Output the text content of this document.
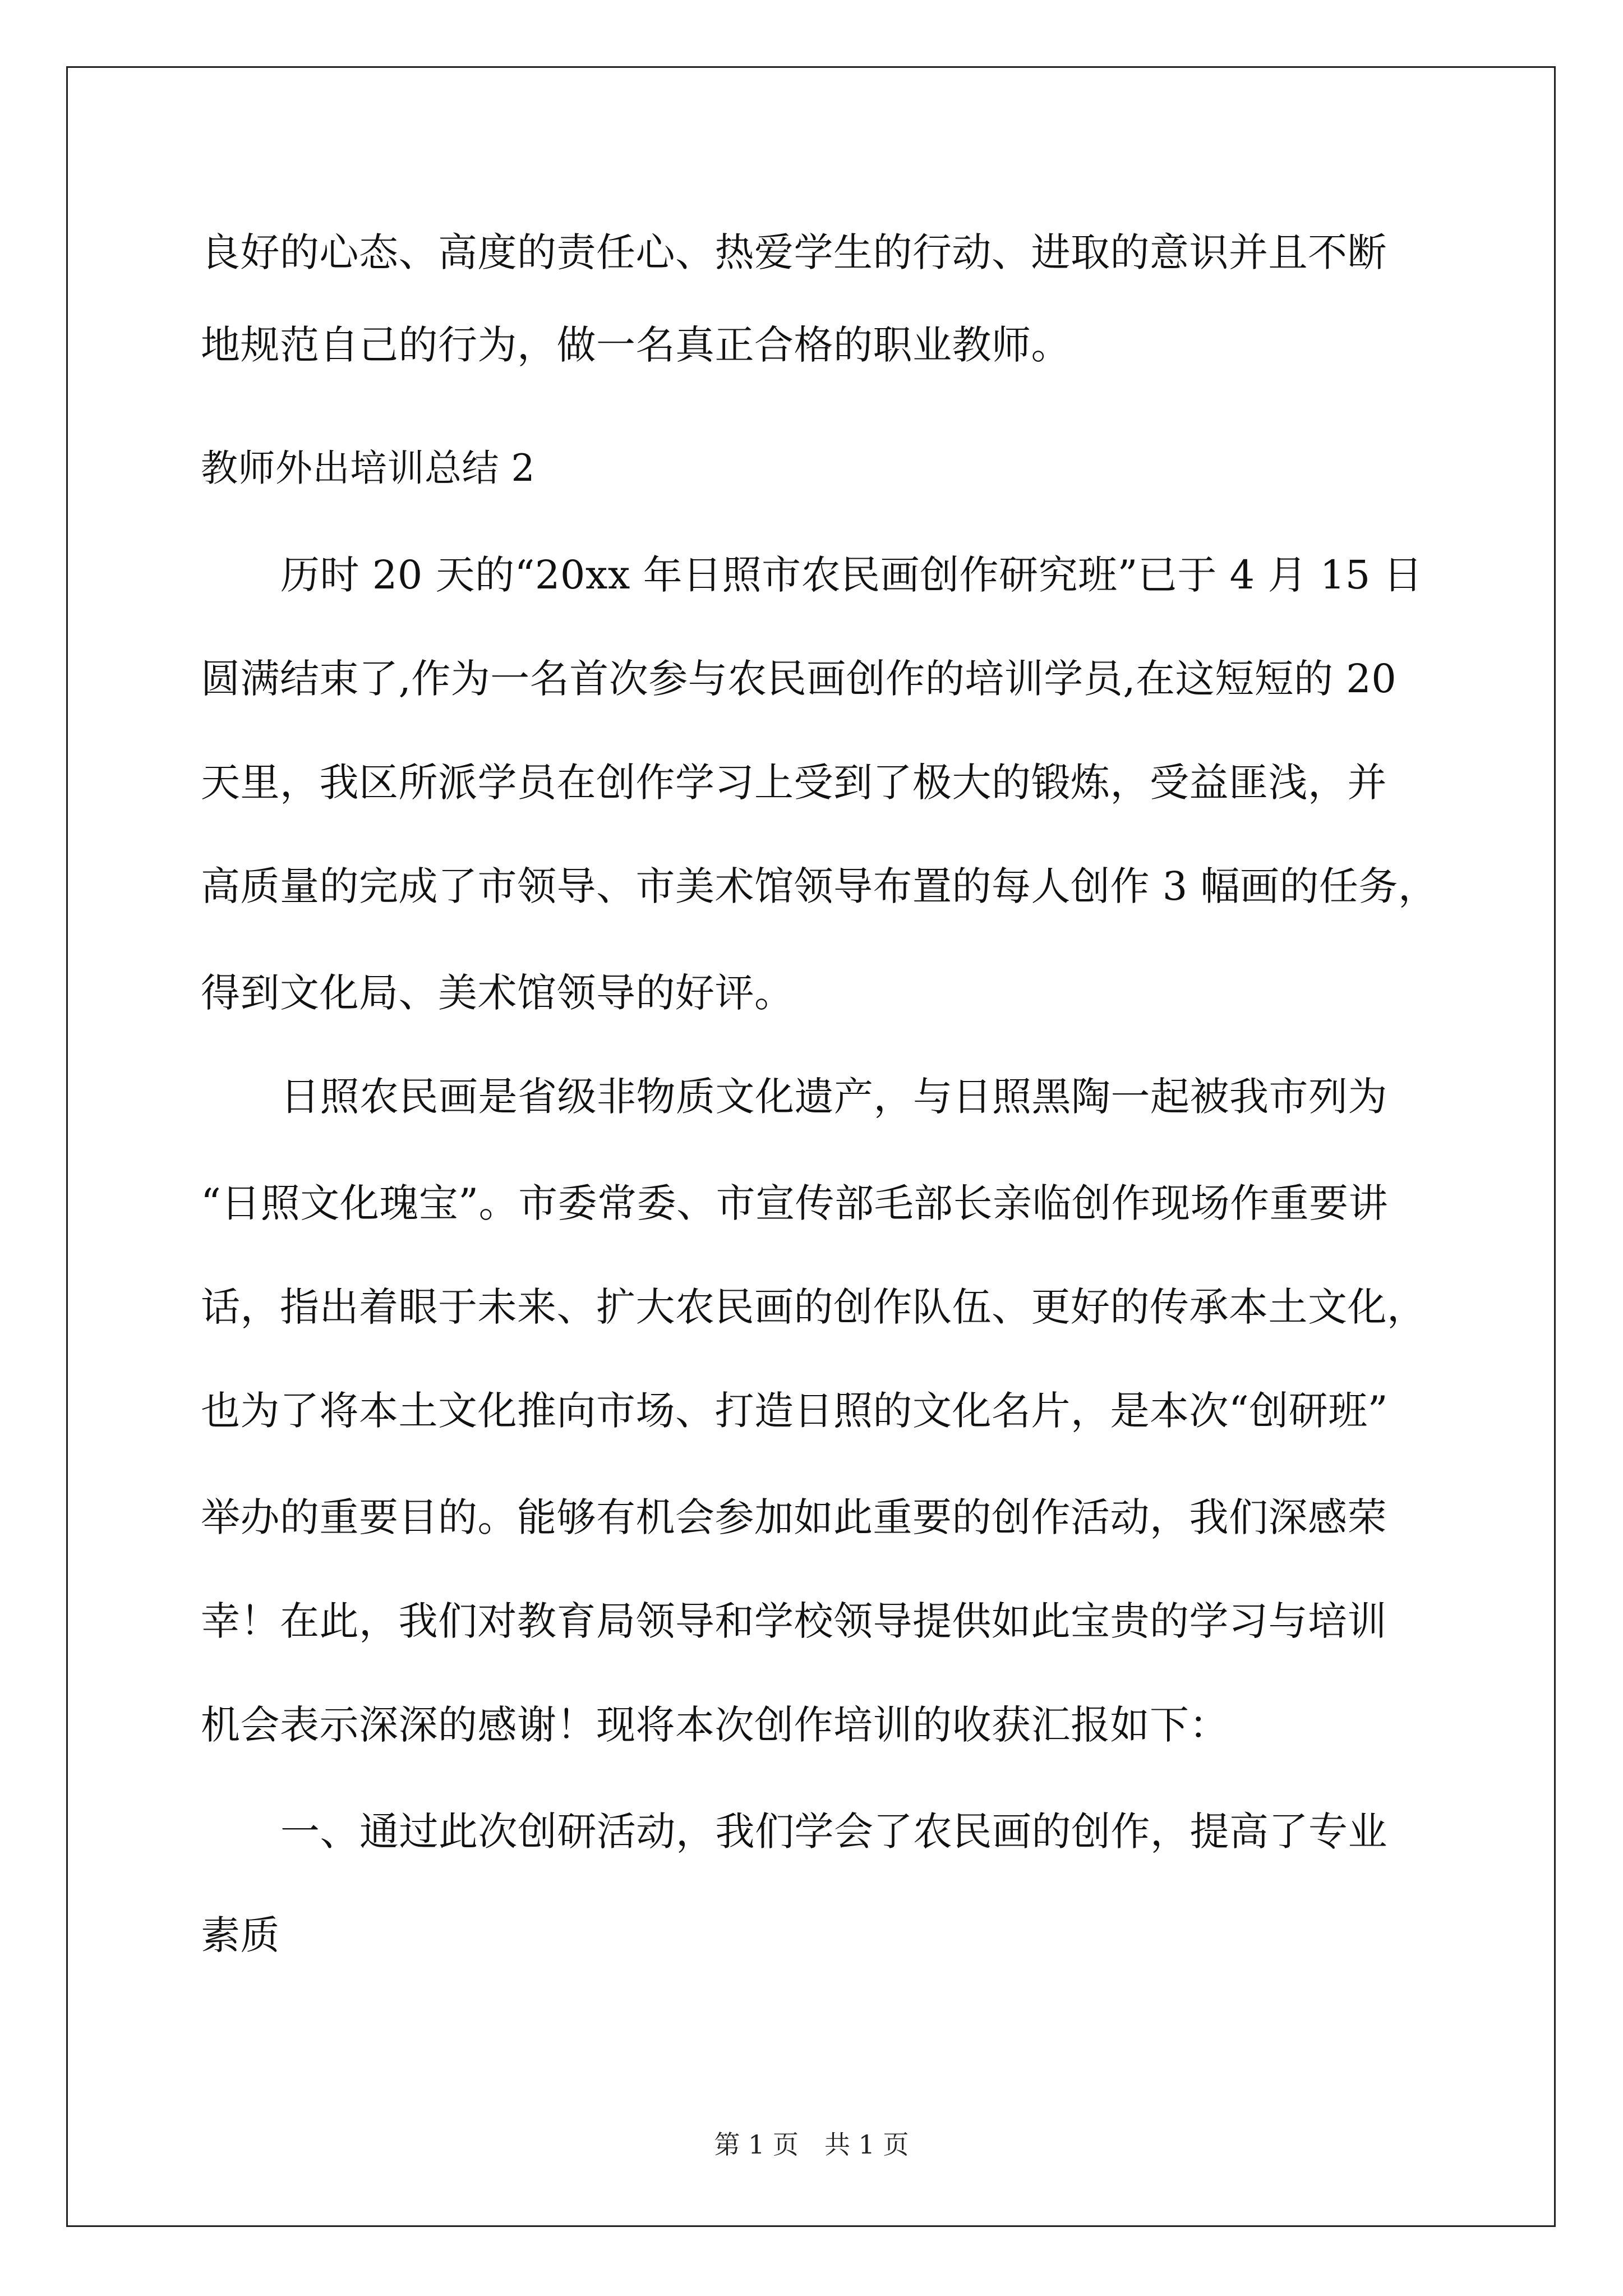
良好的心态、高度的责任心、热爱学生的行动、进取的意识并且不断
地规范自己的行为，做一名真正合格的职业教师。
教师外出培训总结 2
历时 20 天的“20xx 年日照市农民画创作研究班”已于 4 月 15 日
圆满结束了,作为一名首次参与农民画创作的培训学员,在这短短的 20
天里，我区所派学员在创作学习上受到了极大的锻炼，受益匪浅，并
高质量的完成了市领导、市美术馆领导布置的每人创作 3 幅画的任务，
得到文化局、美术馆领导的好评。
日照农民画是省级非物质文化遗产，与日照黑陶一起被我市列为
“日照文化瑰宝”。市委常委、市宣传部毛部长亲临创作现场作重要讲
话，指出着眼于未来、扩大农民画的创作队伍、更好的传承本土文化，
也为了将本土文化推向市场、打造日照的文化名片，是本次“创研班”
举办的重要目的。能够有机会参加如此重要的创作活动，我们深感荣
幸！在此，我们对教育局领导和学校领导提供如此宝贵的学习与培训
机会表示深深的感谢！现将本次创作培训的收获汇报如下：
一、通过此次创研活动，我们学会了农民画的创作，提高了专业
素质
第 1 页　共 1 页
